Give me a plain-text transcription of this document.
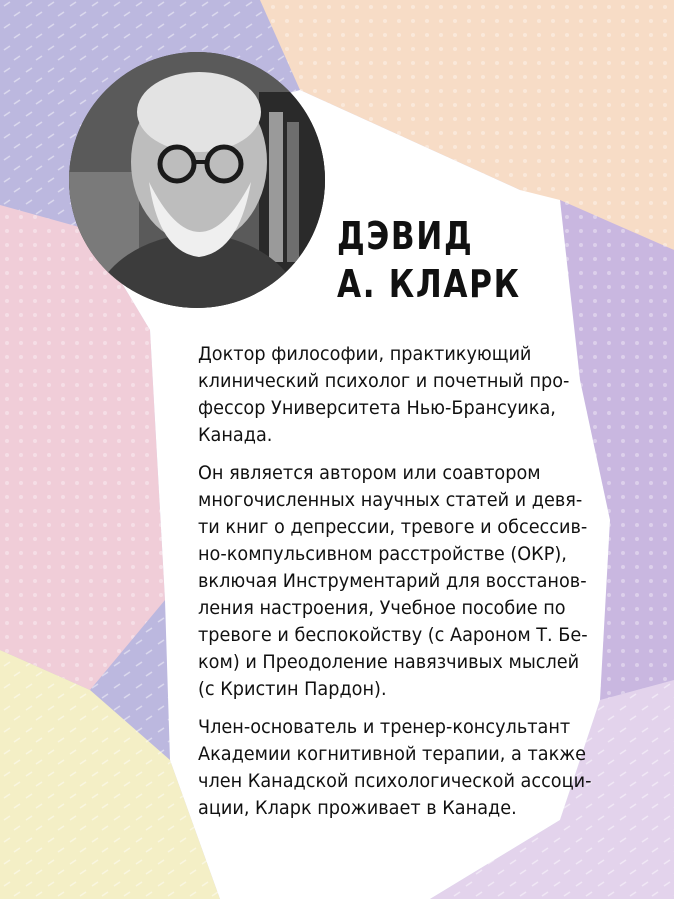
ДЭВИД
А. КЛАРК

Доктор философии, практикующий
клинический психолог и почетный про-
фессор Университета Нью-Брансуика,
Канада.

Он является автором или соавтором
многочисленных научных статей и девя-
ти книг о депрессии, тревоге и обсессив-
но-компульсивном расстройстве (ОКР),
включая Инструментарий для восстанов-
ления настроения, Учебное пособие по
тревоге и беспокойству (с Аароном Т. Бе-
ком) и Преодоление навязчивых мыслей
(с Кристин Пардон).

Член-основатель и тренер-консультант
Академии когнитивной терапии, а также
член Канадской психологической ассоци-
ации, Кларк проживает в Канаде.
